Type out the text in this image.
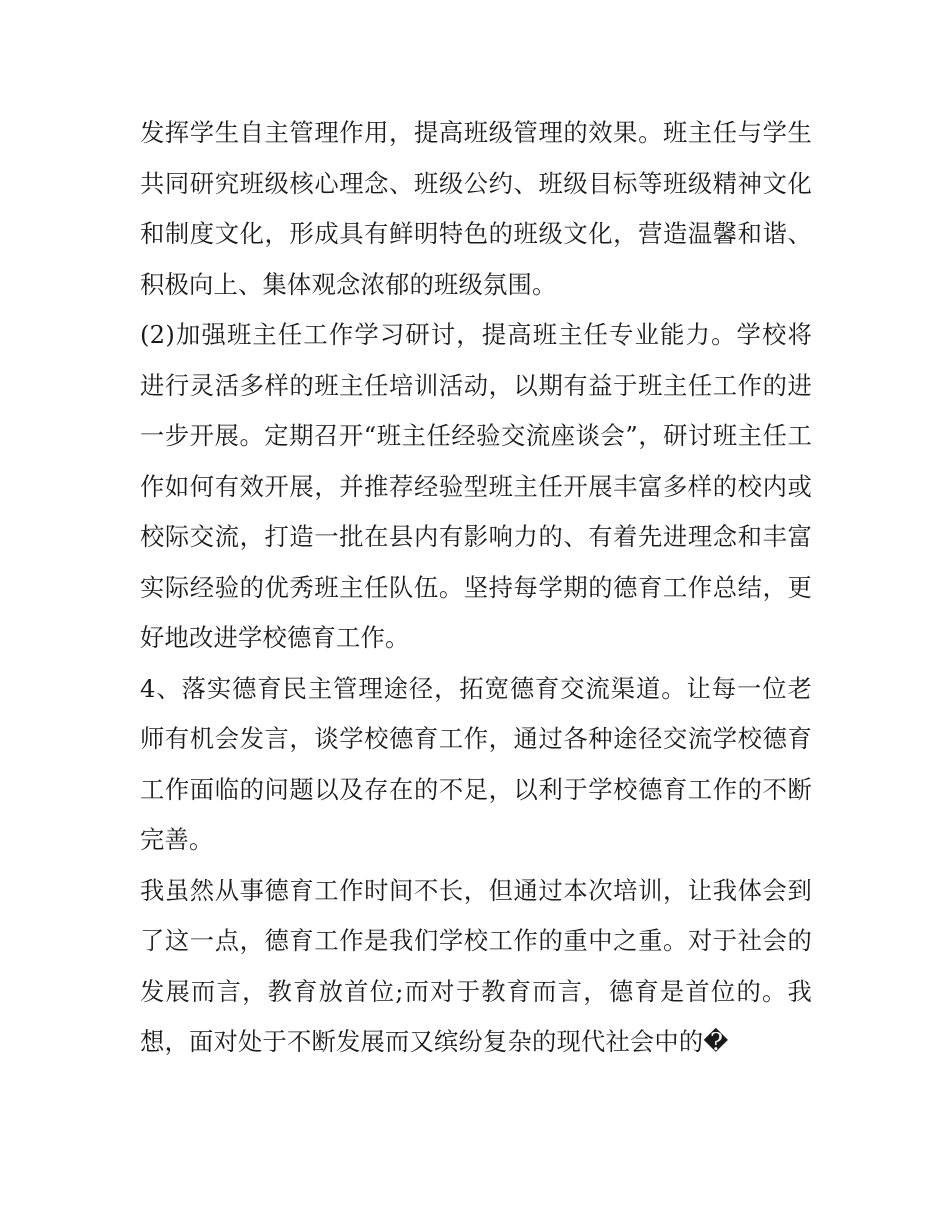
发挥学生自主管理作用，提高班级管理的效果。班主任与学生
共同研究班级核心理念、班级公约、班级目标等班级精神文化
和制度文化，形成具有鲜明特色的班级文化，营造温馨和谐、
积极向上、集体观念浓郁的班级氛围。

(2)加强班主任工作学习研讨，提高班主任专业能力。学校将
进行灵活多样的班主任培训活动，以期有益于班主任工作的进
一步开展。定期召开“班主任经验交流座谈会”，研讨班主任工
作如何有效开展，并推荐经验型班主任开展丰富多样的校内或
校际交流，打造一批在县内有影响力的、有着先进理念和丰富
实际经验的优秀班主任队伍。坚持每学期的德育工作总结，更
好地改进学校德育工作。

4、落实德育民主管理途径，拓宽德育交流渠道。让每一位老
师有机会发言，谈学校德育工作，通过各种途径交流学校德育
工作面临的问题以及存在的不足，以利于学校德育工作的不断
完善。

我虽然从事德育工作时间不长，但通过本次培训，让我体会到
了这一点，德育工作是我们学校工作的重中之重。对于社会的
发展而言，教育放首位;而对于教育而言，德育是首位的。我
想，面对处于不断发展而又缤纷复杂的现代社会中的�
